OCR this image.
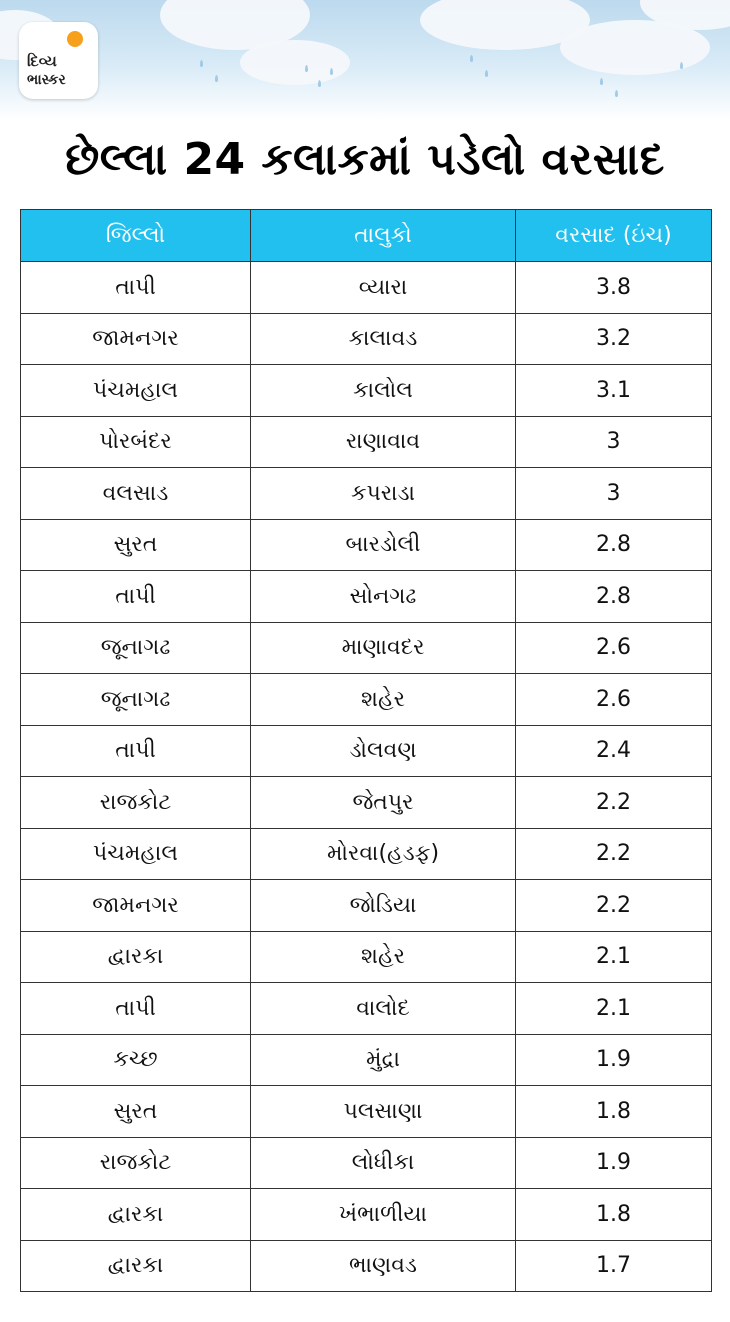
દિવ્ય
ભાસ્કર
છેલ્લા 24 કલાકમાં પડેલો વરસાદ
જિલ્લો	તાલુકો	વરસાદ (ઇંચ)
તાપી	વ્યારા	3.8
જામનગર	કાલાવડ	3.2
પંચમહાલ	કાલોલ	3.1
પોરબંદર	રાણાવાવ	3
વલસાડ	કપરાડા	3
સુરત	બારડોલી	2.8
તાપી	સોનગઢ	2.8
જૂનાગઢ	માણાવદર	2.6
જૂનાગઢ	શહેર	2.6
તાપી	ડોલવણ	2.4
રાજકોટ	જેતપુર	2.2
પંચમહાલ	મોરવા(હડફ)	2.2
જામનગર	જોડિયા	2.2
દ્વારકા	શહેર	2.1
તાપી	વાલોદ	2.1
કચ્છ	મુંદ્રા	1.9
સુરત	પલસાણા	1.8
રાજકોટ	લોધીકા	1.9
દ્વારકા	ખંભાળીયા	1.8
દ્વારકા	ભાણવડ	1.7
